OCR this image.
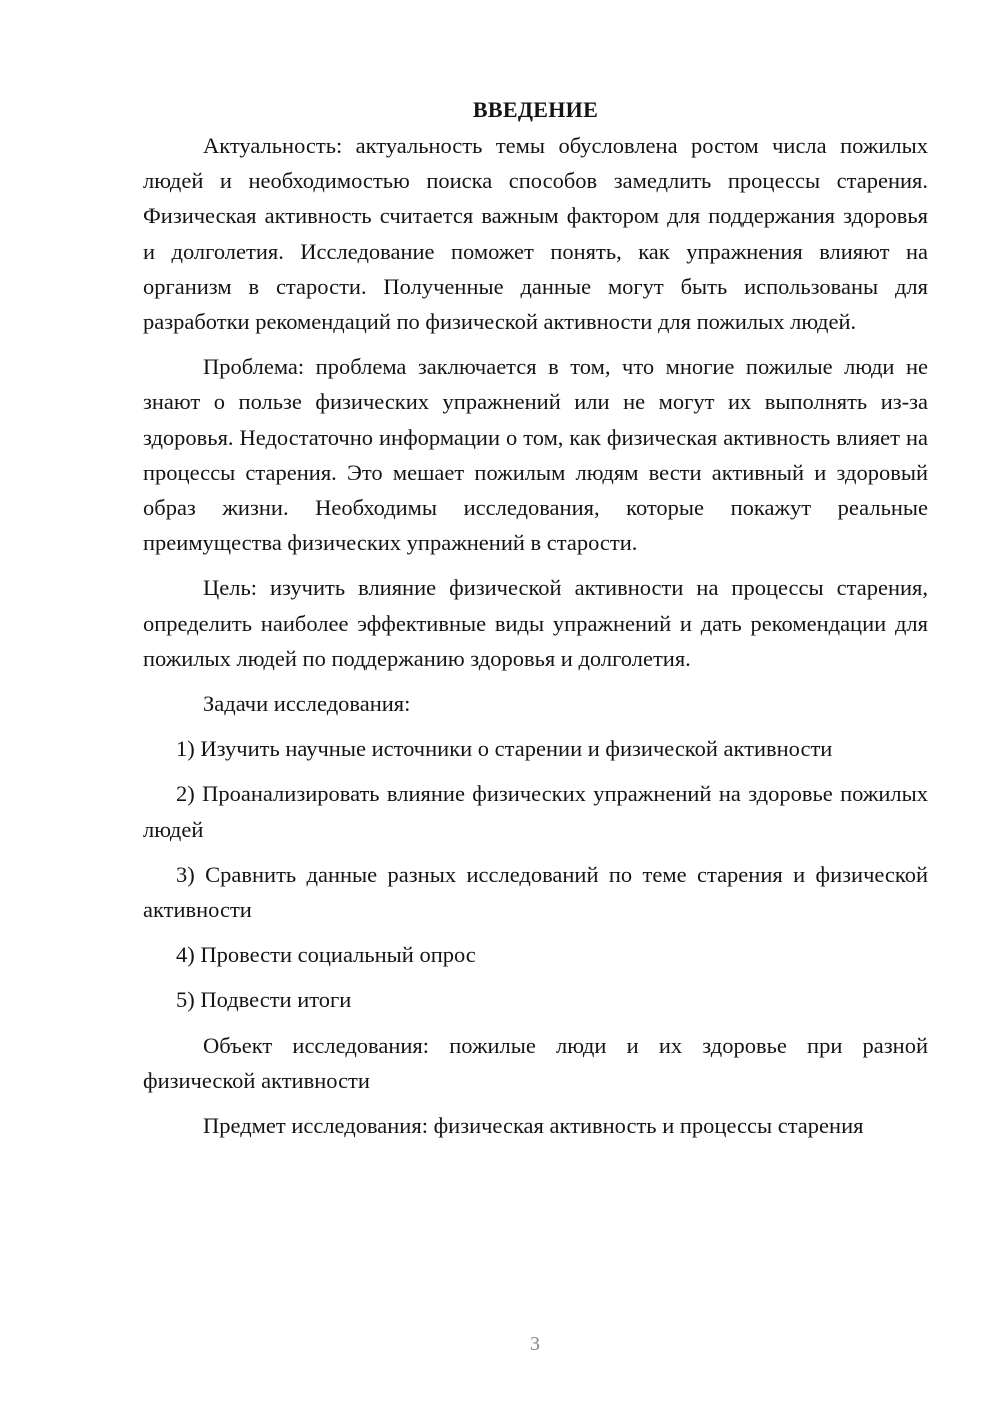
ВВЕДЕНИЕ

Актуальность: актуальность темы обусловлена ростом числа пожилых людей и необходимостью поиска способов замедлить процессы старения. Физическая активность считается важным фактором для поддержания здоровья и долголетия. Исследование поможет понять, как упражнения влияют на организм в старости. Полученные данные могут быть использованы для разработки рекомендаций по физической активности для пожилых людей.

Проблема: проблема заключается в том, что многие пожилые люди не знают о пользе физических упражнений или не могут их выполнять из-за здоровья. Недостаточно информации о том, как физическая активность влияет на процессы старения. Это мешает пожилым людям вести активный и здоровый образ жизни. Необходимы исследования, которые покажут реальные преимущества физических упражнений в старости.

Цель: изучить влияние физической активности на процессы старения, определить наиболее эффективные виды упражнений и дать рекомендации для пожилых людей по поддержанию здоровья и долголетия.

Задачи исследования:

1) Изучить научные источники о старении и физической активности

2) Проанализировать влияние физических упражнений на здоровье пожилых людей

3) Сравнить данные разных исследований по теме старения и физической активности

4) Провести социальный опрос

5) Подвести итоги

Объект исследования: пожилые люди и их здоровье при разной физической активности

Предмет исследования: физическая активность и процессы старения

3
